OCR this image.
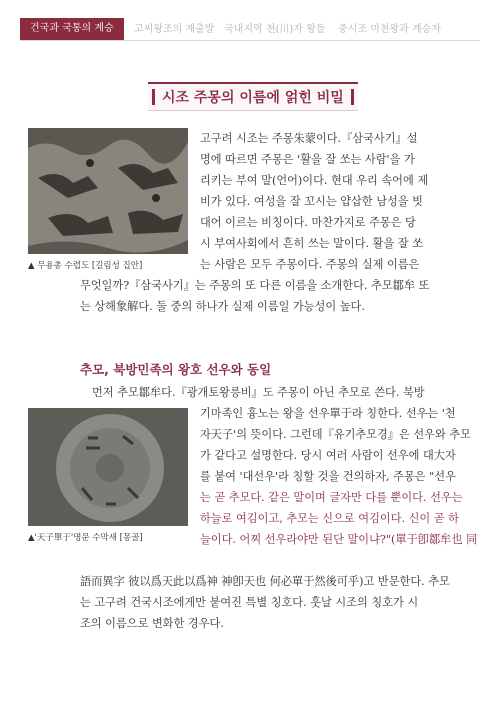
건국과 국통의 계승	고씨왕조의 재출발 국내지역 천(川)자 왕들 중시조 미천왕과 계승자
시조 주몽의 이름에 얽힌 비밀
▲ 무용총 수렵도 [길림성 집안]

고구려 시조는 주몽朱蒙이다.『삼국사기』설

명에 따르면 주몽은 '활을 잘 쏘는 사람'을 가

리키는 부여 말(언어)이다. 현대 우리 속어에 제

비가 있다. 여성을 잘 꼬시는 얍삽한 남성을 빗

대어 이르는 비칭이다. 마찬가지로 주몽은 당

시 부여사회에서 흔히 쓰는 말이다. 활을 잘 쏘

는 사람은 모두 주몽이다. 주몽의 실제 이름은

무엇일까?『삼국사기』는 주몽의 또 다른 이름을 소개한다. 추모鄒牟 또

는 상해象解다. 둘 중의 하나가 실제 이름일 가능성이 높다.

추모, 북방민족의 왕호 선우와 동일

먼저 추모鄒牟다.『광개토왕릉비』도 주몽이 아닌 추모로 쓴다. 북방

▲'天子單于'명문 수막새 [몽골]

기마족인 흉노는 왕을 선우單于라 칭한다. 선우는 '천

자天子'의 뜻이다. 그런데『유기추모경』은 선우와 추모

가 같다고 설명한다. 당시 여러 사람이 선우에 대大자

를 붙여 '대선우'라 칭할 것을 건의하자, 주몽은 "선우

는 곧 추모다. 같은 말이며 글자만 다를 뿐이다. 선우는

하늘로 여김이고, 추모는 신으로 여김이다. 신이 곧 하

늘이다. 어찌 선우라야만 된단 말이냐?"(單于卽鄒牟也 同

語而異字 彼以爲天此以爲神 神卽天也 何必單于然後可乎)고 반문한다. 추모

는 고구려 건국시조에게만 붙여진 특별 칭호다. 훗날 시조의 칭호가 시

조의 이름으로 변화한 경우다.
